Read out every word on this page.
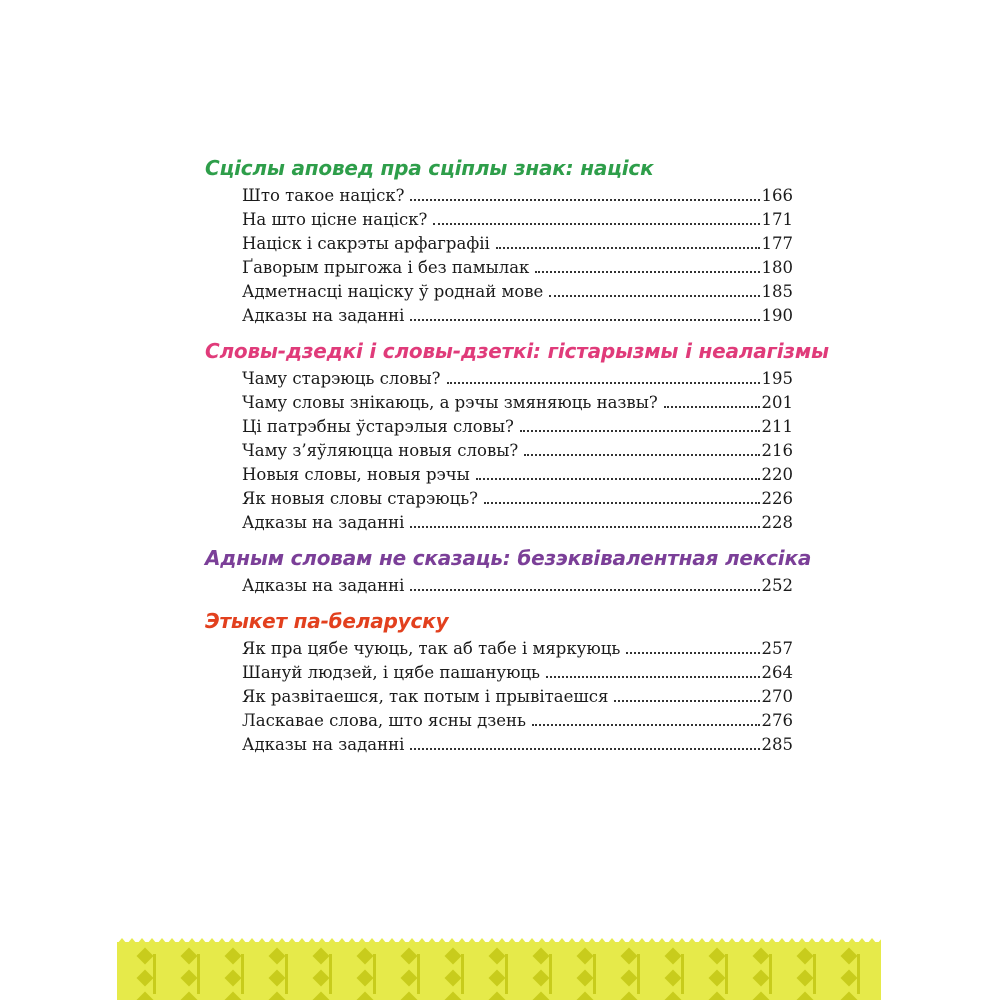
Сціслы аповед пра сціплы знак: націск
Што такое націск?	166
На што цісне націск?	171
Націск і сакрэты арфаграфіі	177
Ґаворым прыгожа і без памылак	180
Адметнасці націску ў роднай мове	185
Адказы на заданні	190
Словы-дзедкі і словы-дзеткі: гістарызмы і неалагізмы
Чаму старэюць словы?	195
Чаму словы знікаюць, а рэчы змяняюць назвы?	201
Ці патрэбны ўстарэлыя словы?	211
Чаму з’яўляюцца новыя словы?	216
Новыя словы, новыя рэчы	220
Як новыя словы старэюць?	226
Адказы на заданні	228
Адным словам не сказаць: безэквівалентная лексіка
Адказы на заданні	252
Этыкет па-беларуску
Як пра цябе чуюць, так аб табе і мяркуюць	257
Шануй людзей, і цябе пашануюць	264
Як развітаешся, так потым і прывітаешся	270
Ласкавае слова, што ясны дзень	276
Адказы на заданні	285
